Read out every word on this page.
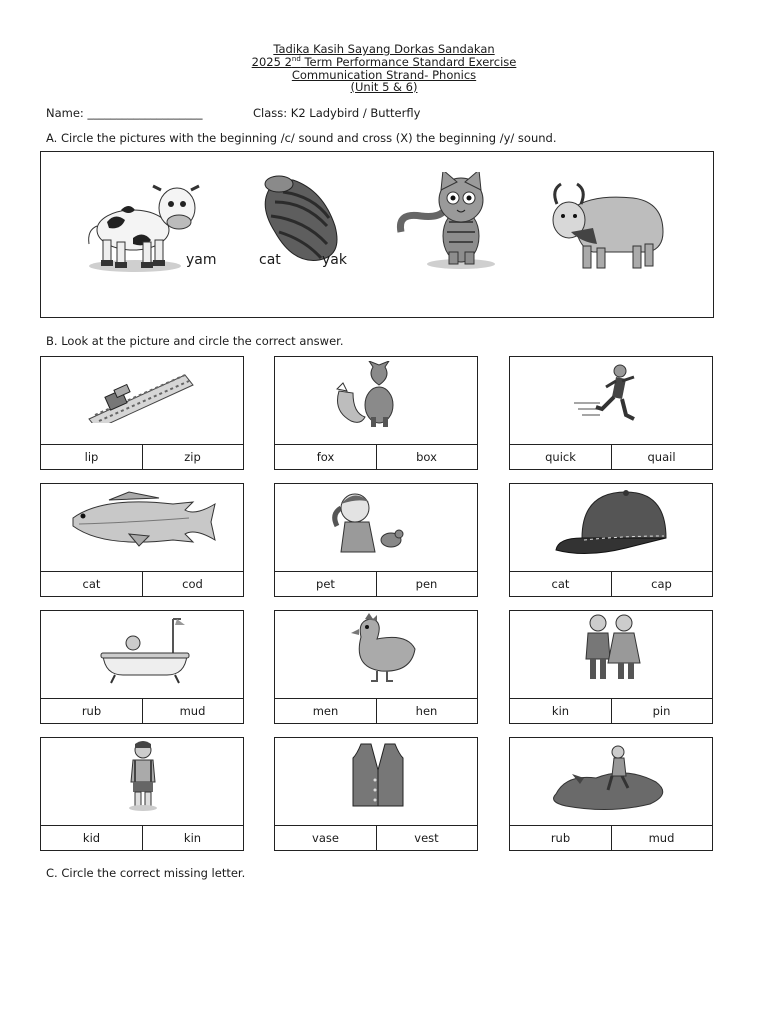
Tadika Kasih Sayang Dorkas Sandakan
2025 2nd Term Performance Standard Exercise
Communication Strand- Phonics
(Unit 5 & 6)
Name: ____________________	Class: K2 Ladybird / Butterfly
A. Circle the pictures with the beginning /c/ sound and cross (X) the beginning /y/ sound.
yam	cat	yak
B. Look at the picture and circle the correct answer.
lip	zip	fox	box	quick	quail
cat	cod	pet	pen	cat	cap
rub	mud	men	hen	kin	pin
kid	kin	vase	vest	rub	mud
C. Circle the correct missing letter.
